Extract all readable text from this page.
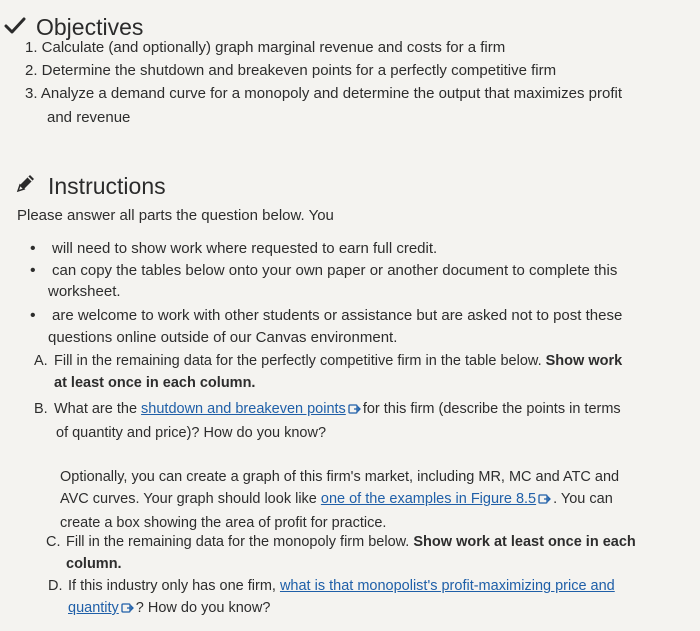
Objectives
1. Calculate (and optionally) graph marginal revenue and costs for a firm
2. Determine the shutdown and breakeven points for a perfectly competitive firm
3. Analyze a demand curve for a monopoly and determine the output that maximizes profit
and revenue
Instructions
Please answer all parts the question below. You
•	will need to show work where requested to earn full credit.
•	can copy the tables below onto your own paper or another document to complete this
worksheet.
•	are welcome to work with other students or assistance but are asked not to post these
questions online outside of our Canvas environment.
A. Fill in the remaining data for the perfectly competitive firm in the table below. Show work
at least once in each column.
B. What are the shutdown and breakeven points for this firm (describe the points in terms
of quantity and price)? How do you know?
Optionally, you can create a graph of this firm's market, including MR, MC and ATC and
AVC curves. Your graph should look like one of the examples in Figure 8.5 . You can
create a box showing the area of profit for practice.
C. Fill in the remaining data for the monopoly firm below. Show work at least once in each
column.
D. If this industry only has one firm, what is that monopolist's profit-maximizing price and
quantity ? How do you know?
